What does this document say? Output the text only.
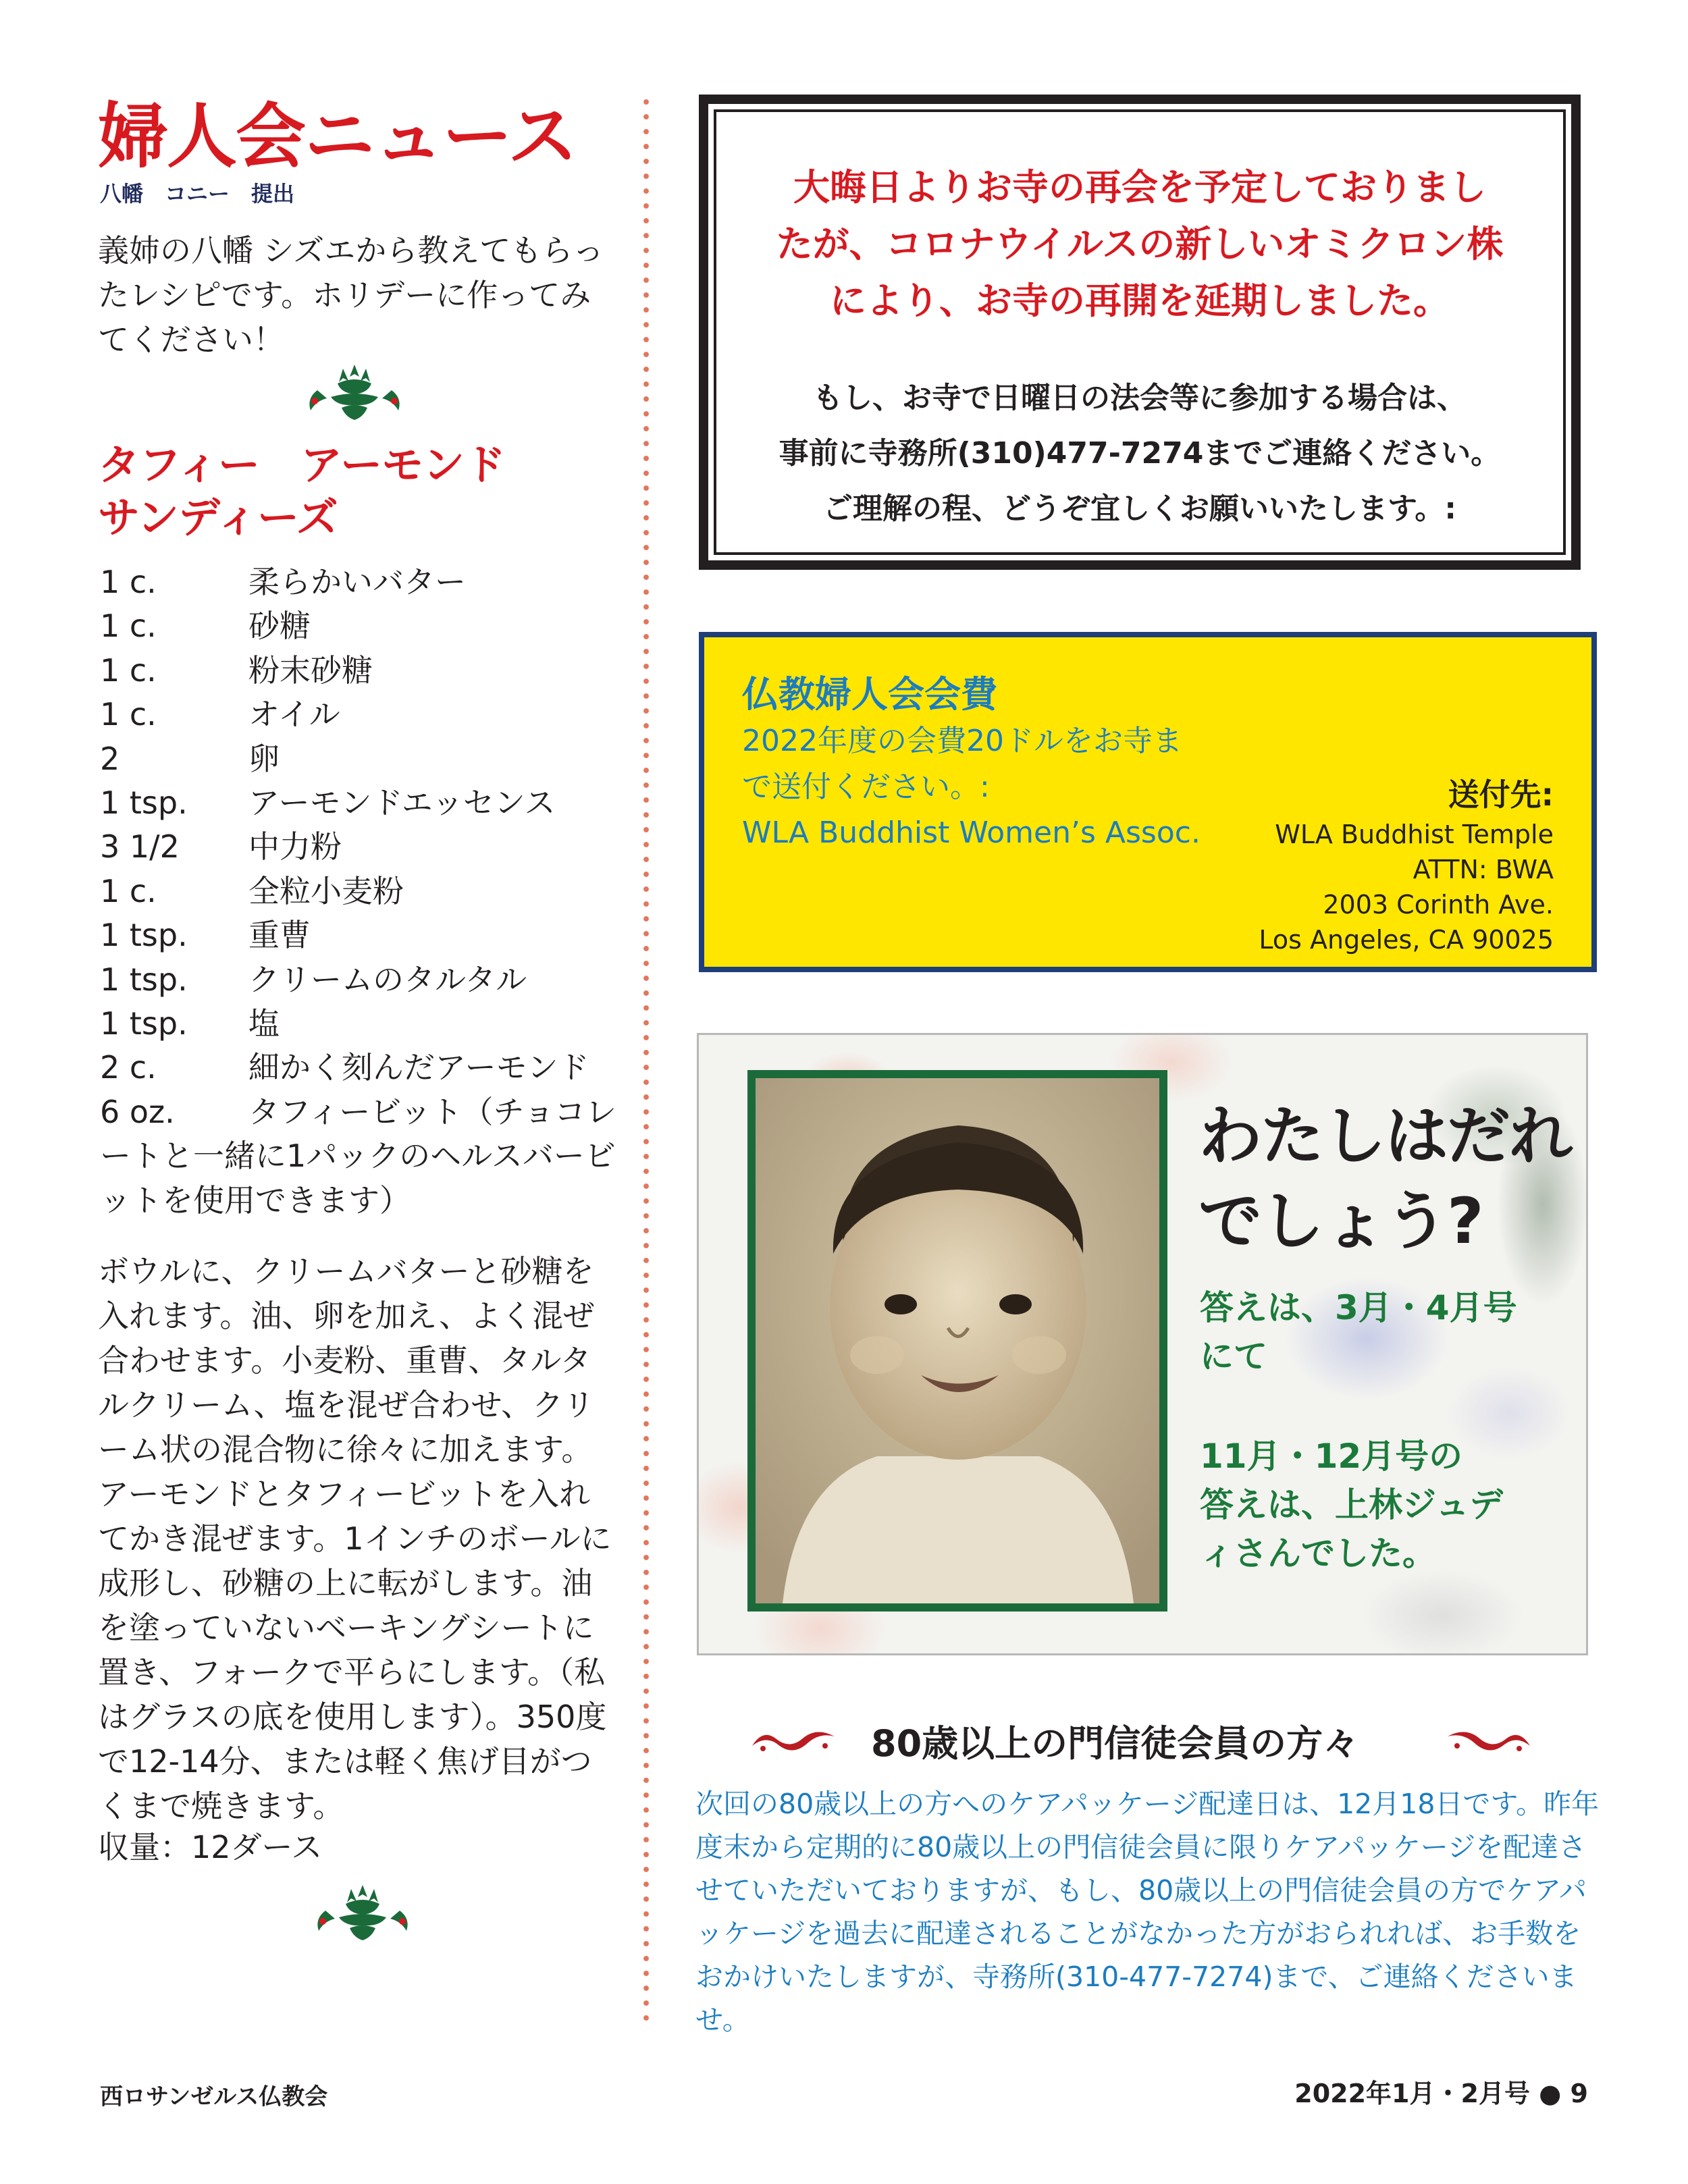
婦人会ニュース
八幡　コニー　提出
義姉の八幡 シズエから教えてもらったレシピです。ホリデーに作ってみてください！
タフィー　アーモンド
サンディーズ
1 c.	柔らかいバター
1 c.	砂糖
1 c.	粉末砂糖
1 c.	オイル
2	卵
1 tsp.	アーモンドエッセンス
3 1/2	中力粉
1 c.	全粒小麦粉
1 tsp.	重曹
1 tsp.	クリームのタルタル
1 tsp.	塩
2 c.	細かく刻んだアーモンド
6 oz. タフィービット（チョコレートと一緒に1パックのヘルスバービットを使用できます）
ボウルに、クリームバターと砂糖を入れます。油、卵を加え、よく混ぜ合わせます。小麦粉、重曹、タルタルクリーム、塩を混ぜ合わせ、クリーム状の混合物に徐々に加えます。アーモンドとタフィービットを入れてかき混ぜます。1インチのボールに成形し、砂糖の上に転がします。油を塗っていないベーキングシートに置き、フォークで平らにします。（私はグラスの底を使用します）。350度で12-14分、または軽く焦げ目がつくまで焼きます。
収量：12ダース
大晦日よりお寺の再会を予定しておりまし
たが、コロナウイルスの新しいオミクロン株
により、お寺の再開を延期しました。
もし、お寺で日曜日の法会等に参加する場合は、
事前に寺務所(310)477-7274までご連絡ください。
ご理解の程、どうぞ宜しくお願いいたします。:
仏教婦人会会費
2022年度の会費20ドルをお寺ま
で送付ください。:
WLA Buddhist Women’s Assoc.
送付先:
WLA Buddhist Temple
ATTN: BWA
2003 Corinth Ave.
Los Angeles, CA 90025
わたしはだれ
でしょう?
答えは、3月・4月号
にて
11月・12月号の
答えは、上林ジュデ
ィさんでした。
80歳以上の門信徒会員の方々
次回の80歳以上の方へのケアパッケージ配達日は、12月18日です。昨年度末から定期的に80歳以上の門信徒会員に限りケアパッケージを配達させていただいておりますが、もし、80歳以上の門信徒会員の方でケアパッケージを過去に配達されることがなかった方がおられれば、お手数をおかけいたしますが、寺務所(310-477-7274)まで、ご連絡くださいませ。
西ロサンゼルス仏教会	2022年1月・2月号 ● 9
